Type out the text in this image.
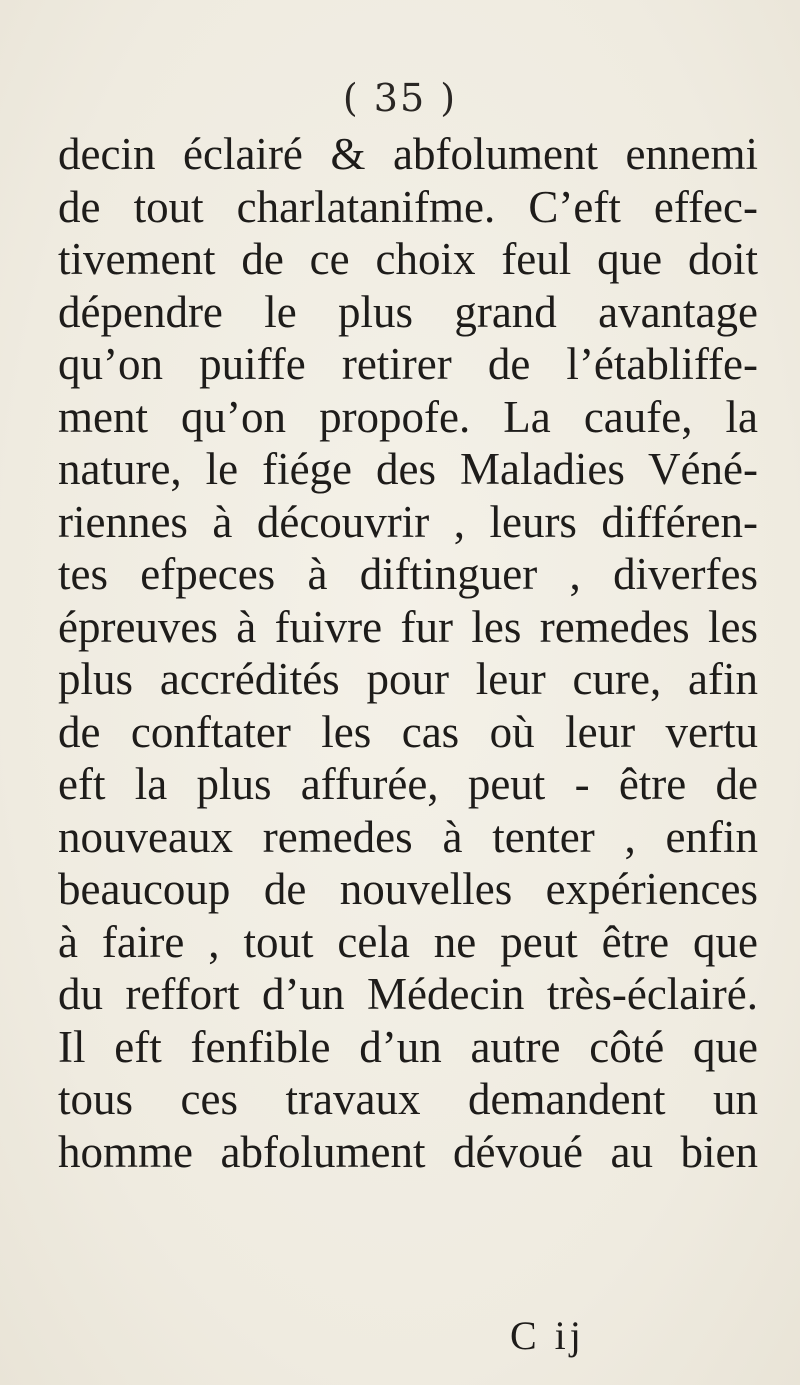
( 35 )
decin éclairé & abfolument ennemi
de tout charlatanifme. C’eft effec-
tivement de ce choix feul que doit
dépendre le plus grand avantage
qu’on puiffe retirer de l’établiffe-
ment qu’on propofe. La caufe, la
nature, le fiége des Maladies Véné-
riennes à découvrir , leurs différen-
tes efpeces à diftinguer , diverfes
épreuves à fuivre fur les remedes les
plus accrédités pour leur cure, afin
de conftater les cas où leur vertu
eft la plus affurée, peut - être de
nouveaux remedes à tenter , enfin
beaucoup de nouvelles expériences
à faire , tout cela ne peut être que
du reffort d’un Médecin très-éclairé.
Il eft fenfible d’un autre côté que
tous ces travaux demandent un
homme abfolument dévoué au bien
C ij
